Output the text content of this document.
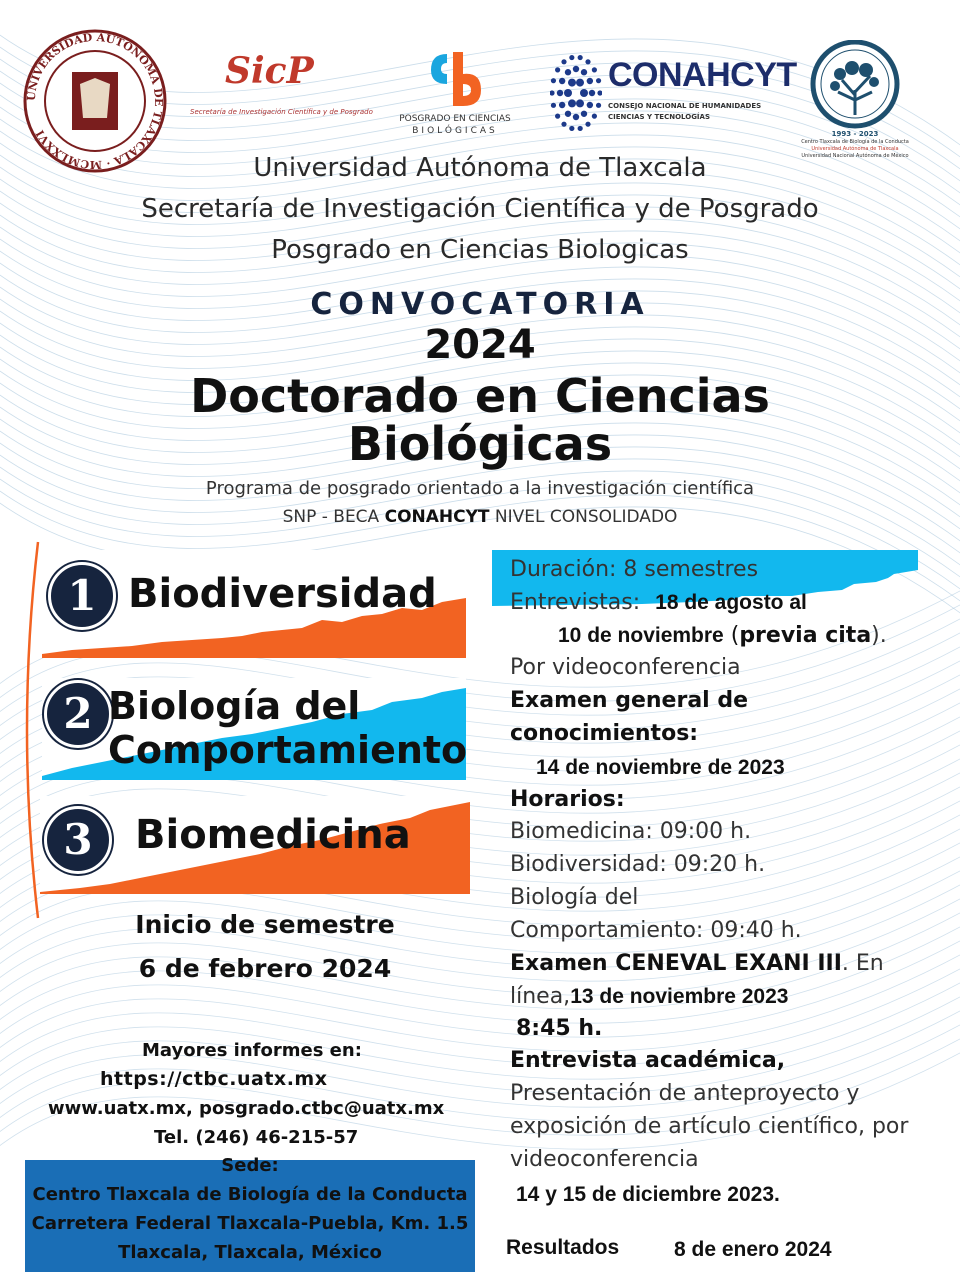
UNIVERSIDAD AUTÓNOMA DE TLAXCALA · MCMLXXVI
SicP
Secretaría de Investigación Científica y de Posgrado
POSGRADO EN CIENCIAS
BIOLÓGICAS
CONAHCYT
CONSEJO NACIONAL DE HUMANIDADES
CIENCIAS Y TECNOLOGÍAS
1993 - 2023
Centro Tlaxcala de Biología de la Conducta
Universidad Autónoma de Tlaxcala
Universidad Nacional Autónoma de México
Universidad Autónoma de Tlaxcala
Secretaría de Investigación Científica y de Posgrado
Posgrado en Ciencias Biologicas
CONVOCATORIA
2024
Doctorado en Ciencias
Biológicas
Programa de posgrado orientado a la investigación científica
SNP - BECA CONAHCYT NIVEL CONSOLIDADO
1 Biodiversidad
2 Biología del
Comportamiento
3	Biomedicina
Inicio de semestre
6 de febrero 2024
Mayores informes en:
https://ctbc.uatx.mx
www.uatx.mx, posgrado.ctbc@uatx.mx
Tel. (246) 46-215-57
Sede:
Centro Tlaxcala de Biología de la Conducta
Carretera Federal Tlaxcala-Puebla, Km. 1.5
Tlaxcala, Tlaxcala, México
Duración: 8 semestres
Entrevistas: 18 de agosto al
10 de noviembre (previa cita).
Por videoconferencia
Examen general de
conocimientos:
14 de noviembre de 2023
Horarios:
Biomedicina: 09:00 h.
Biodiversidad: 09:20 h.
Biología del
Comportamiento: 09:40 h.
Examen CENEVAL EXANI III. En
línea,13 de noviembre 2023
8:45 h.
Entrevista académica,
Presentación de anteproyecto y
exposición de artículo científico, por
videoconferencia
14 y 15 de diciembre 2023.
Resultados	8 de enero 2024
